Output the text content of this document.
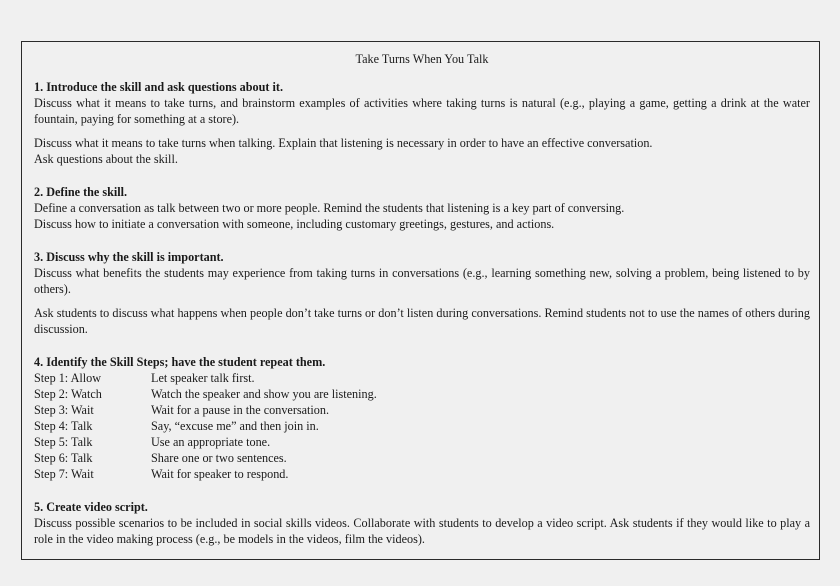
Take Turns When You Talk
1. Introduce the skill and ask questions about it.
Discuss what it means to take turns, and brainstorm examples of activities where taking turns is natural (e.g., playing a game, getting a drink at the water fountain, paying for something at a store).
Discuss what it means to take turns when talking. Explain that listening is necessary in order to have an effective conversation.
Ask questions about the skill.
2. Define the skill.
Define a conversation as talk between two or more people. Remind the students that listening is a key part of conversing.
Discuss how to initiate a conversation with someone, including customary greetings, gestures, and actions.
3. Discuss why the skill is important.
Discuss what benefits the students may experience from taking turns in conversations (e.g., learning something new, solving a problem, being listened to by others).
Ask students to discuss what happens when people don’t take turns or don’t listen during conversations. Remind students not to use the names of others during discussion.
4. Identify the Skill Steps; have the student repeat them.
Step 1: Allow	Let speaker talk first.
Step 2: Watch	Watch the speaker and show you are listening.
Step 3: Wait	Wait for a pause in the conversation.
Step 4: Talk	Say, “excuse me” and then join in.
Step 5: Talk	Use an appropriate tone.
Step 6: Talk	Share one or two sentences.
Step 7: Wait	Wait for speaker to respond.
5. Create video script.
Discuss possible scenarios to be included in social skills videos. Collaborate with students to develop a video script. Ask students if they would like to play a role in the video making process (e.g., be models in the videos, film the videos).
